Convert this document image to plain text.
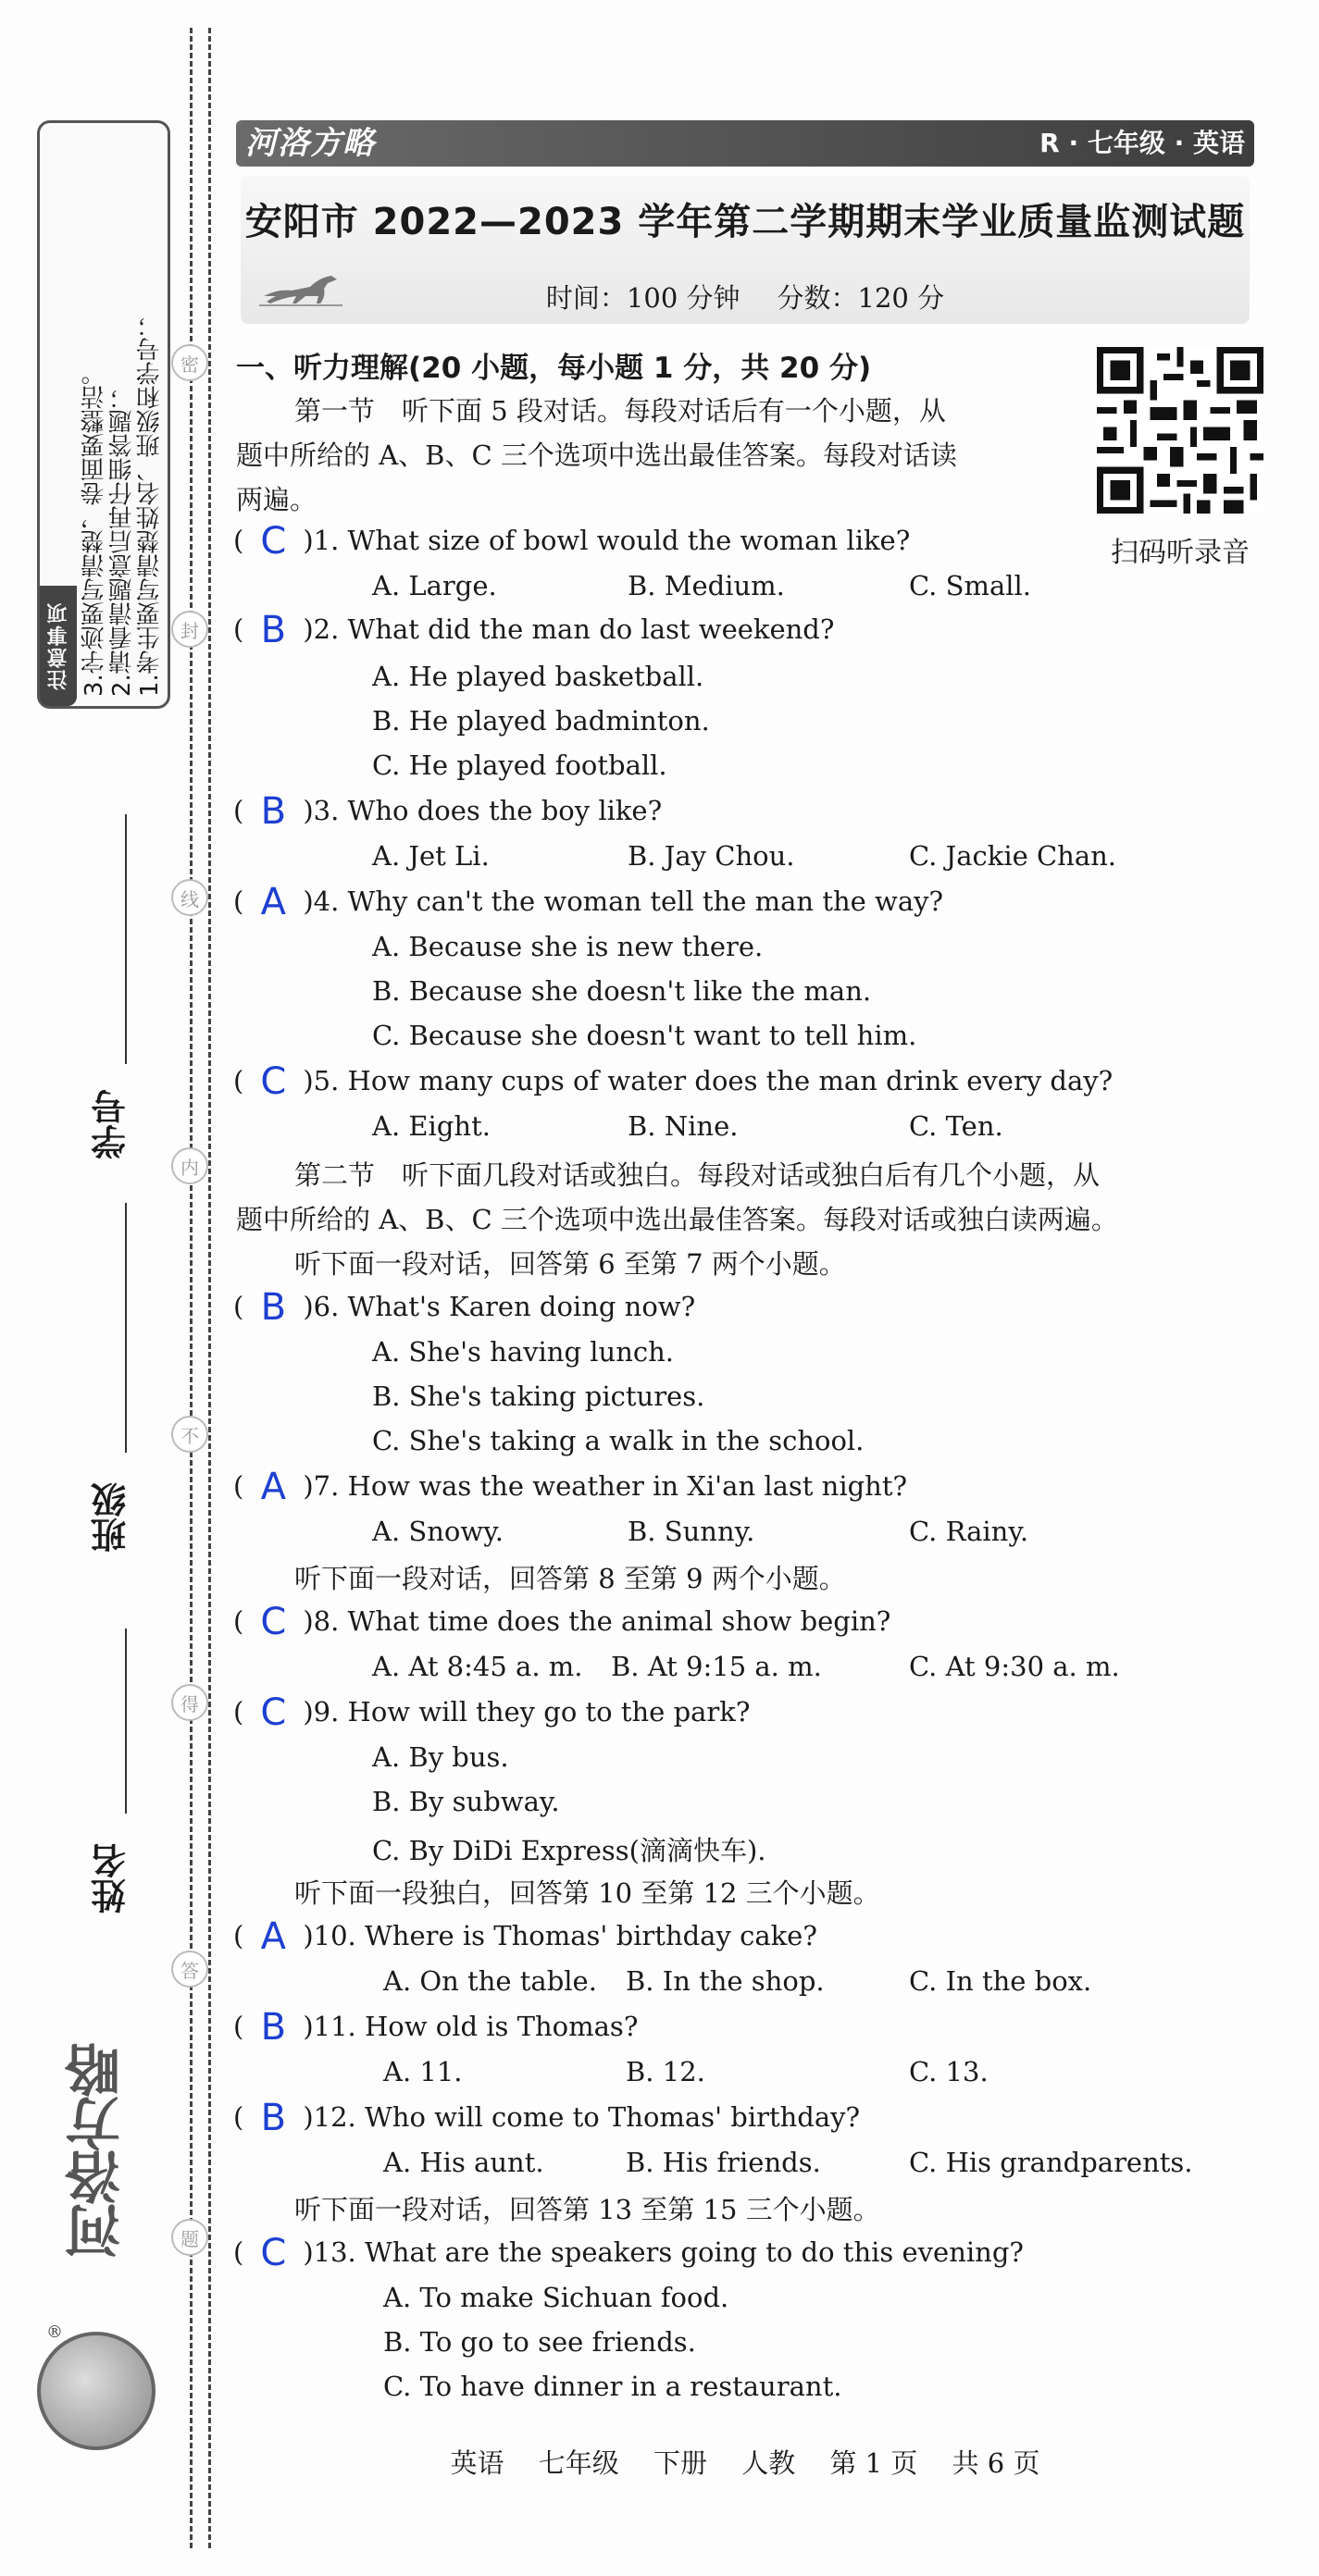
3.字迹要写清楚，卷面要整洁。 2.请看清题意后再仔细答题； 1.考生要写清楚姓名、班级和学号；
注意事项
密
封
线
内
不
得
答
题
学号
班级
姓名
河洛方略
®
河洛方略	R · 七年级 · 英语
安阳市 2022—2023 学年第二学期期末学业质量监测试题
时间：100 分钟 分数：120 分
扫码听录音
一、听力理解(20 小题，每小题 1 分，共 20 分)
第一节　听下面 5 段对话。每段对话后有一个小题，从
题中所给的 A、B、C 三个选项中选出最佳答案。每段对话读
两遍。
( C )1. What size of bowl would the woman like?
A. Large.	B. Medium.	C. Small.
( B )2. What did the man do last weekend?
A. He played basketball.
B. He played badminton.
C. He played football.
( B )3. Who does the boy like?
A. Jet Li.	B. Jay Chou.	C. Jackie Chan.
( A )4. Why can't the woman tell the man the way?
A. Because she is new there.
B. Because she doesn't like the man.
C. Because she doesn't want to tell him.
( C )5. How many cups of water does the man drink every day?
A. Eight.	B. Nine.	C. Ten.
第二节　听下面几段对话或独白。每段对话或独白后有几个小题，从
题中所给的 A、B、C 三个选项中选出最佳答案。每段对话或独白读两遍。
听下面一段对话，回答第 6 至第 7 两个小题。
( B )6. What's Karen doing now?
A. She's having lunch.
B. She's taking pictures.
C. She's taking a walk in the school.
( A )7. How was the weather in Xi'an last night?
A. Snowy.	B. Sunny.	C. Rainy.
听下面一段对话，回答第 8 至第 9 两个小题。
( C )8. What time does the animal show begin?
A. At 8:45 a. m. B. At 9:15 a. m.	C. At 9:30 a. m.
( C )9. How will they go to the park?
A. By bus.
B. By subway.
C. By DiDi Express(滴滴快车).
听下面一段独白，回答第 10 至第 12 三个小题。
( A )10. Where is Thomas' birthday cake?
A. On the table. B. In the shop.	C. In the box.
( B )11. How old is Thomas?
A. 11.	B. 12.	C. 13.
( B )12. Who will come to Thomas' birthday?
A. His aunt.	B. His friends.	C. His grandparents.
听下面一段对话，回答第 13 至第 15 三个小题。
( C )13. What are the speakers going to do this evening?
A. To make Sichuan food.
B. To go to see friends.
C. To have dinner in a restaurant.
英语 七年级 下册 人教 第 1 页 共 6 页
